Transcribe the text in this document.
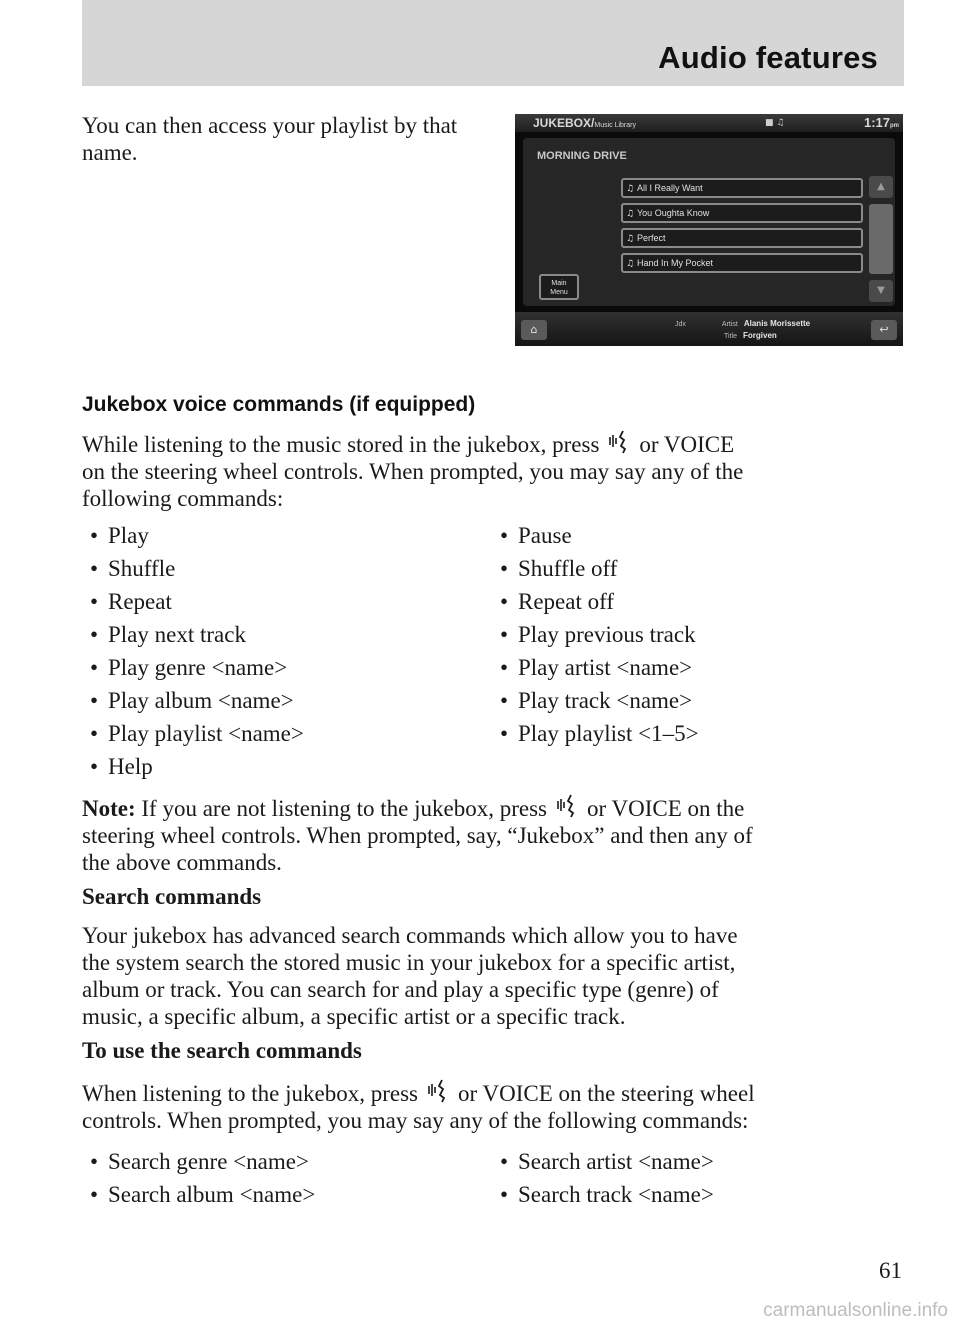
Audio features
You can then access your playlist by that name.
JUKEBOX/Music Library	■ ♫	1:17pm
MORNING DRIVE
♫ All I Really Want
♫ You Oughta Know
♫ Perfect
♫ Hand In My Pocket
▲
▼
Main
Menu
⌂	Jdx	Artist Alanis Morissette
Title Forgiven	↩
Jukebox voice commands (if equipped)
While listening to the music stored in the jukebox, press or VOICE
on the steering wheel controls. When prompted, you may say any of the
following commands:
• Play	• Pause
• Shuffle	• Shuffle off
• Repeat	• Repeat off
• Play next track	• Play previous track
• Play genre <name>	• Play artist <name>
• Play album <name>	• Play track <name>
• Play playlist <name>	• Play playlist <1–5>
• Help
Note: If you are not listening to the jukebox, press or VOICE on the
steering wheel controls. When prompted, say, “Jukebox” and then any of
the above commands.
Search commands
Your jukebox has advanced search commands which allow you to have
the system search the stored music in your jukebox for a specific artist,
album or track. You can search for and play a specific type (genre) of
music, a specific album, a specific artist or a specific track.
To use the search commands
When listening to the jukebox, press or VOICE on the steering wheel
controls. When prompted, you may say any of the following commands:
• Search genre <name>	• Search artist <name>
• Search album <name>	• Search track <name>
61
carmanualsonline.info
